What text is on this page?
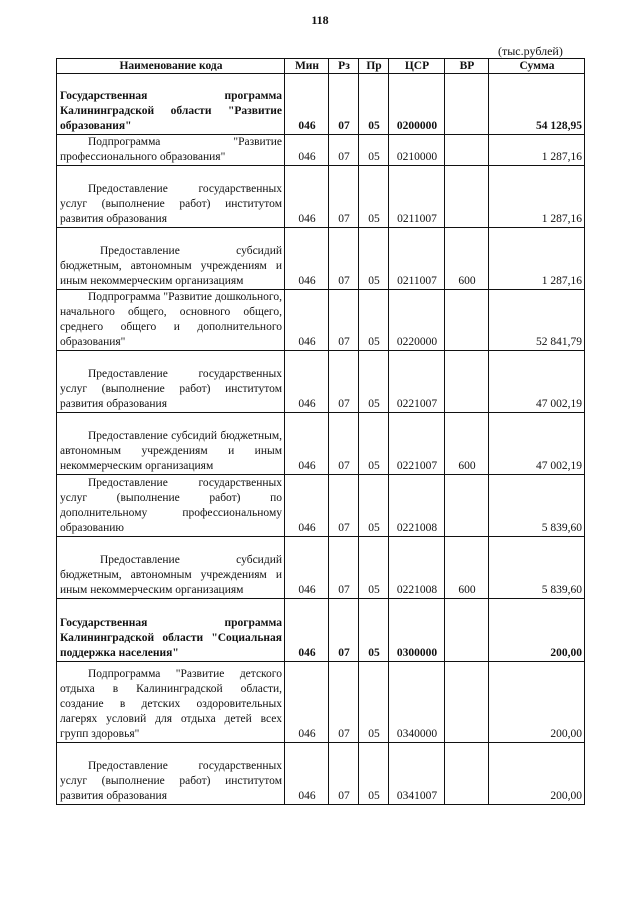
118
(тыс.рублей)
Наименование кода	Мин	Рз	Пр	ЦСР	ВР	Сумма
Государственная программа Калининградской области "Развитие образования"	046	07	05	0200000		54 128,95
Подпрограмма "Развитие профессионального образования"	046	07	05	0210000		1 287,16
Предоставление государственных услуг (выполнение работ) институтом развития образования	046	07	05	0211007		1 287,16
Предоставление субсидий бюджетным, автономным учреждениям и иным некоммерческим организациям	046	07	05	0211007	600	1 287,16
Подпрограмма "Развитие дошкольного, начального общего, основного общего, среднего общего и дополнительного образования"	046	07	05	0220000		52 841,79
Предоставление государственных услуг (выполнение работ) институтом развития образования	046	07	05	0221007		47 002,19
Предоставление субсидий бюджетным, автономным учреждениям и иным некоммерческим организациям	046	07	05	0221007	600	47 002,19
Предоставление государственных услуг (выполнение работ) по дополнительному профессиональному образованию	046	07	05	0221008		5 839,60
Предоставление субсидий бюджетным, автономным учреждениям и иным некоммерческим организациям	046	07	05	0221008	600	5 839,60
Государственная программа Калининградской области "Социальная поддержка населения"	046	07	05	0300000		200,00
Подпрограмма "Развитие детского отдыха в Калининградской области, создание в детских оздоровительных лагерях условий для отдыха детей всех групп здоровья"	046	07	05	0340000		200,00
Предоставление государственных услуг (выполнение работ) институтом развития образования	046	07	05	0341007		200,00
